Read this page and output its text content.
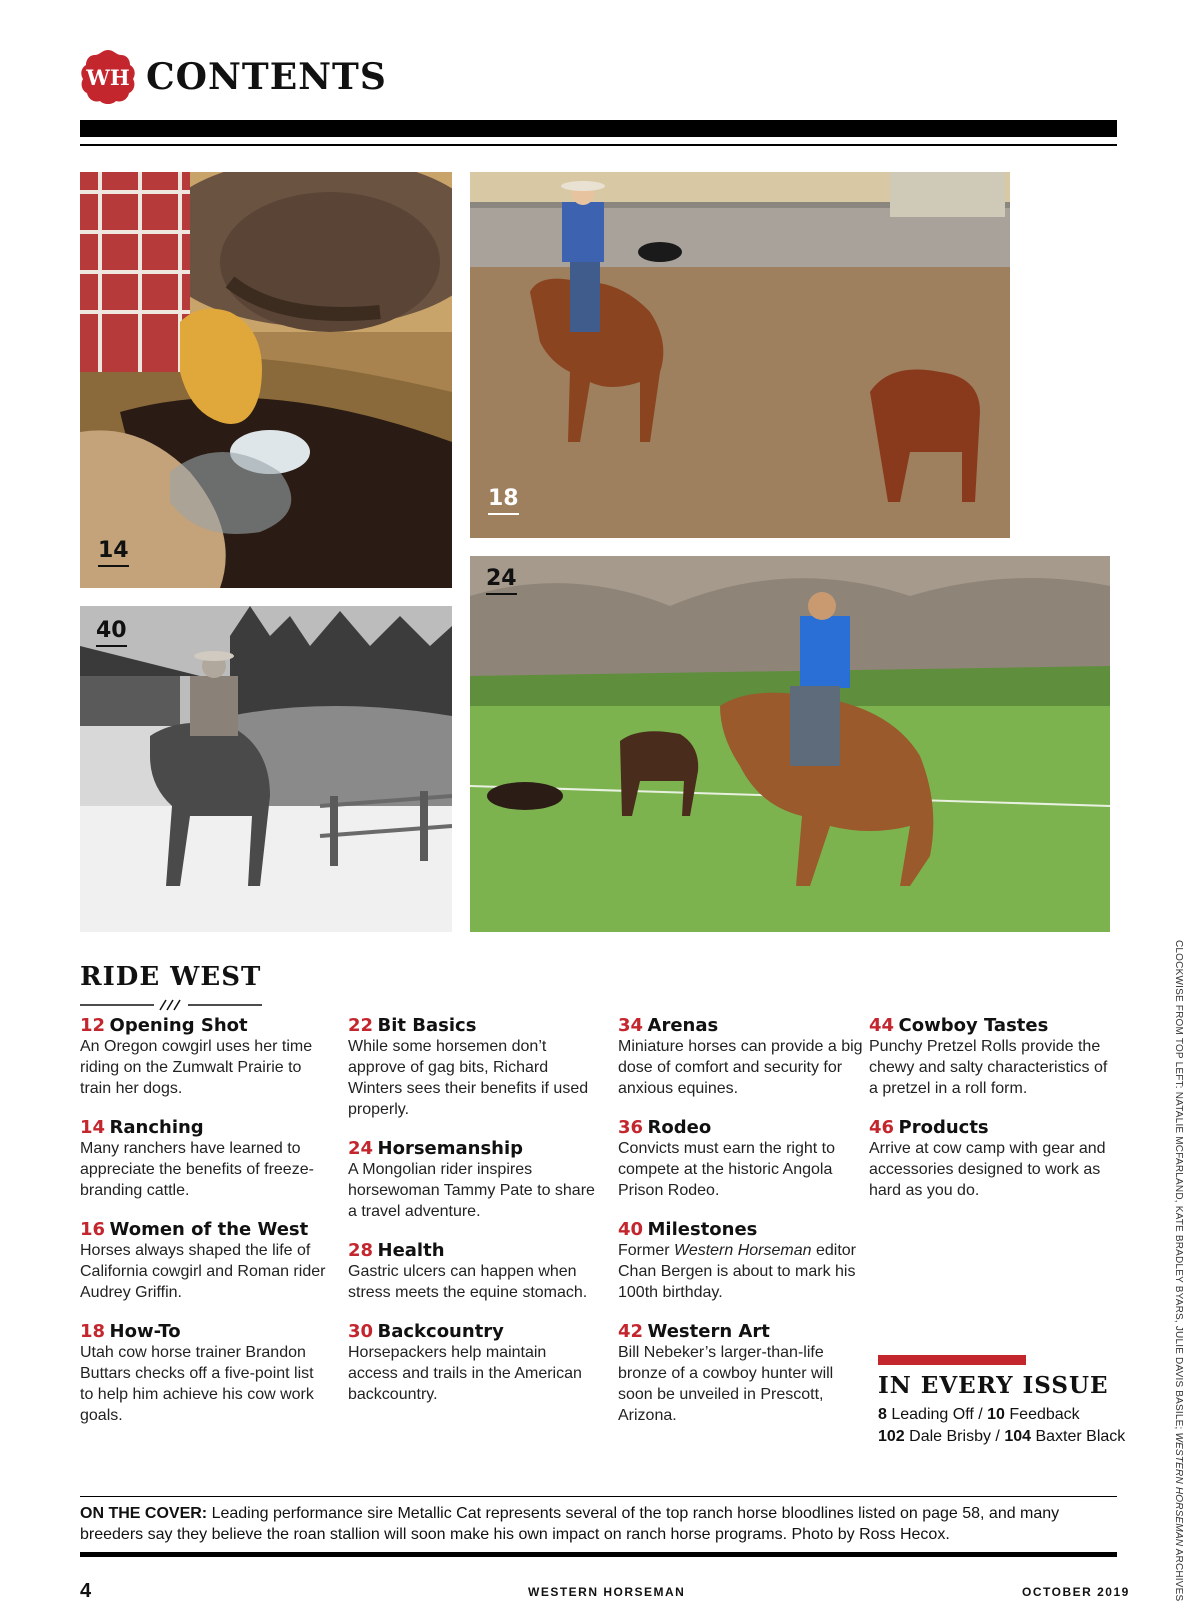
WH CONTENTS
14
18
24
40
RIDE WEST
12 Opening Shot
An Oregon cowgirl uses her time riding on the Zumwalt Prairie to train her dogs.
14 Ranching
Many ranchers have learned to appreciate the benefits of freeze-branding cattle.
16 Women of the West
Horses always shaped the life of California cowgirl and Roman rider Audrey Griffin.
18 How-To
Utah cow horse trainer Brandon Buttars checks off a five-point list to help him achieve his cow work goals.
22 Bit Basics
While some horsemen don’t approve of gag bits, Richard Winters sees their benefits if used properly.
24 Horsemanship
A Mongolian rider inspires horsewoman Tammy Pate to share a travel adventure.
28 Health
Gastric ulcers can happen when stress meets the equine stomach.
30 Backcountry
Horsepackers help maintain access and trails in the American backcountry.
34 Arenas
Miniature horses can provide a big dose of comfort and security for anxious equines.
36 Rodeo
Convicts must earn the right to compete at the historic Angola Prison Rodeo.
40 Milestones
Former Western Horseman editor Chan Bergen is about to mark his 100th birthday.
42 Western Art
Bill Nebeker’s larger-than-life bronze of a cowboy hunter will soon be unveiled in Prescott, Arizona.
44 Cowboy Tastes
Punchy Pretzel Rolls provide the chewy and salty characteristics of a pretzel in a roll form.
46 Products
Arrive at cow camp with gear and accessories designed to work as hard as you do.
IN EVERY ISSUE
8 Leading Off / 10 Feedback
102 Dale Brisby / 104 Baxter Black
ON THE COVER: Leading performance sire Metallic Cat represents several of the top ranch horse bloodlines listed on page 58, and many breeders say they believe the roan stallion will soon make his own impact on ranch horse programs. Photo by Ross Hecox.
4	WESTERN HORSEMAN	OCTOBER 2019
CLOCKWISE FROM TOP LEFT: NATALIE MCFARLAND, KATE BRADLEY BYARS, JULIE DAVIS BASILE; WESTERN HORSEMAN ARCHIVES
